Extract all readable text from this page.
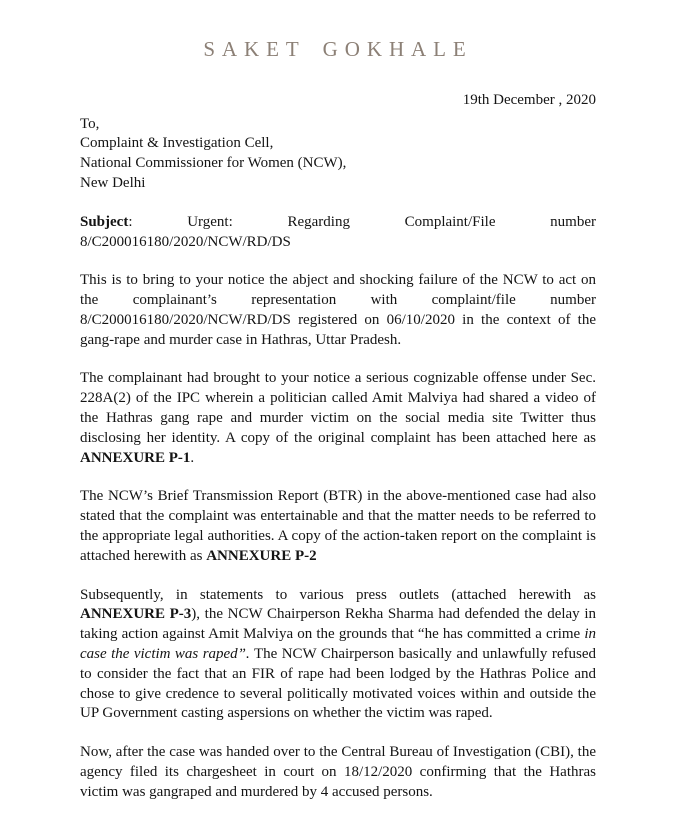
SAKET GOKHALE
19th December , 2020
To,
Complaint & Investigation Cell,
National Commissioner for Women (NCW),
New Delhi
Subject: Urgent: Regarding Complaint/File number 8/C200016180/2020/NCW/RD/DS
This is to bring to your notice the abject and shocking failure of the NCW to act on the complainant’s representation with complaint/file number 8/C200016180/2020/NCW/RD/DS registered on 06/10/2020 in the context of the gang-rape and murder case in Hathras, Uttar Pradesh.
The complainant had brought to your notice a serious cognizable offense under Sec. 228A(2) of the IPC wherein a politician called Amit Malviya had shared a video of the Hathras gang rape and murder victim on the social media site Twitter thus disclosing her identity. A copy of the original complaint has been attached here as ANNEXURE P-1.
The NCW’s Brief Transmission Report (BTR) in the above-mentioned case had also stated that the complaint was entertainable and that the matter needs to be referred to the appropriate legal authorities. A copy of the action-taken report on the complaint is attached herewith as ANNEXURE P-2
Subsequently, in statements to various press outlets (attached herewith as ANNEXURE P-3), the NCW Chairperson Rekha Sharma had defended the delay in taking action against Amit Malviya on the grounds that “he has committed a crime in case the victim was raped”. The NCW Chairperson basically and unlawfully refused to consider the fact that an FIR of rape had been lodged by the Hathras Police and chose to give credence to several politically motivated voices within and outside the UP Government casting aspersions on whether the victim was raped.
Now, after the case was handed over to the Central Bureau of Investigation (CBI), the agency filed its chargesheet in court on 18/12/2020 confirming that the Hathras victim was gangraped and murdered by 4 accused persons.
